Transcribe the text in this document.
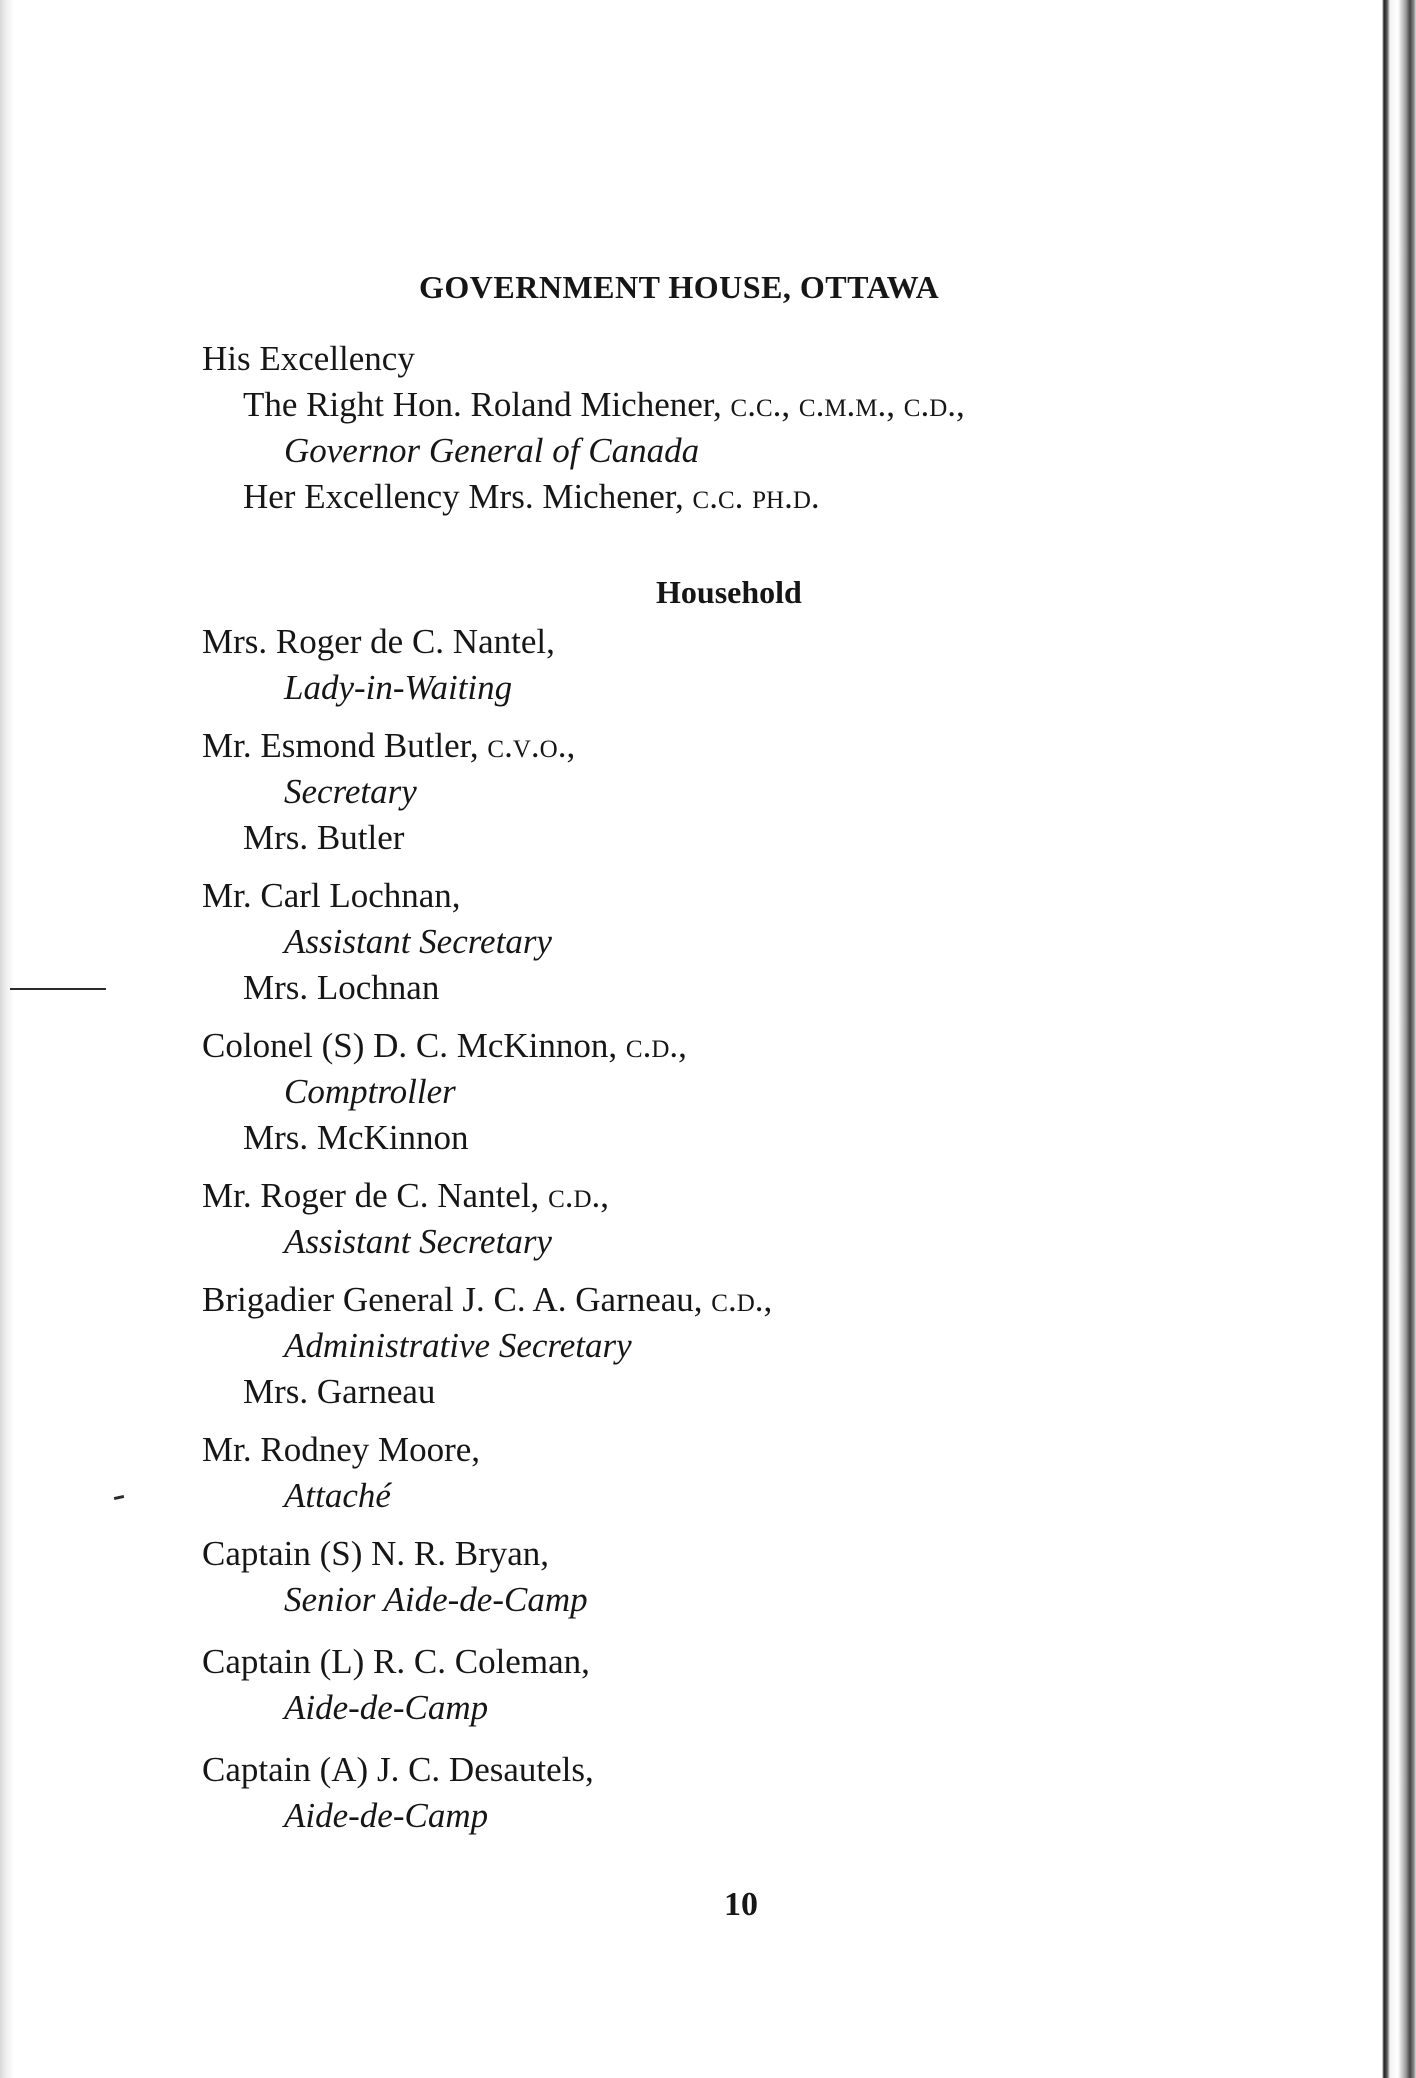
GOVERNMENT HOUSE, OTTAWA
His Excellency
The Right Hon. Roland Michener, c.c., c.m.m., c.d.,
Governor General of Canada
Her Excellency Mrs. Michener, c.c. ph.d.
Household
Mrs. Roger de C. Nantel,
Lady-in-Waiting
Mr. Esmond Butler, c.v.o.,
Secretary
Mrs. Butler
Mr. Carl Lochnan,
Assistant Secretary
Mrs. Lochnan
Colonel (S) D. C. McKinnon, c.d.,
Comptroller
Mrs. McKinnon
Mr. Roger de C. Nantel, c.d.,
Assistant Secretary
Brigadier General J. C. A. Garneau, c.d.,
Administrative Secretary
Mrs. Garneau
Mr. Rodney Moore,
Attaché
Captain (S) N. R. Bryan,
Senior Aide-de-Camp
Captain (L) R. C. Coleman,
Aide-de-Camp
Captain (A) J. C. Desautels,
Aide-de-Camp
10
